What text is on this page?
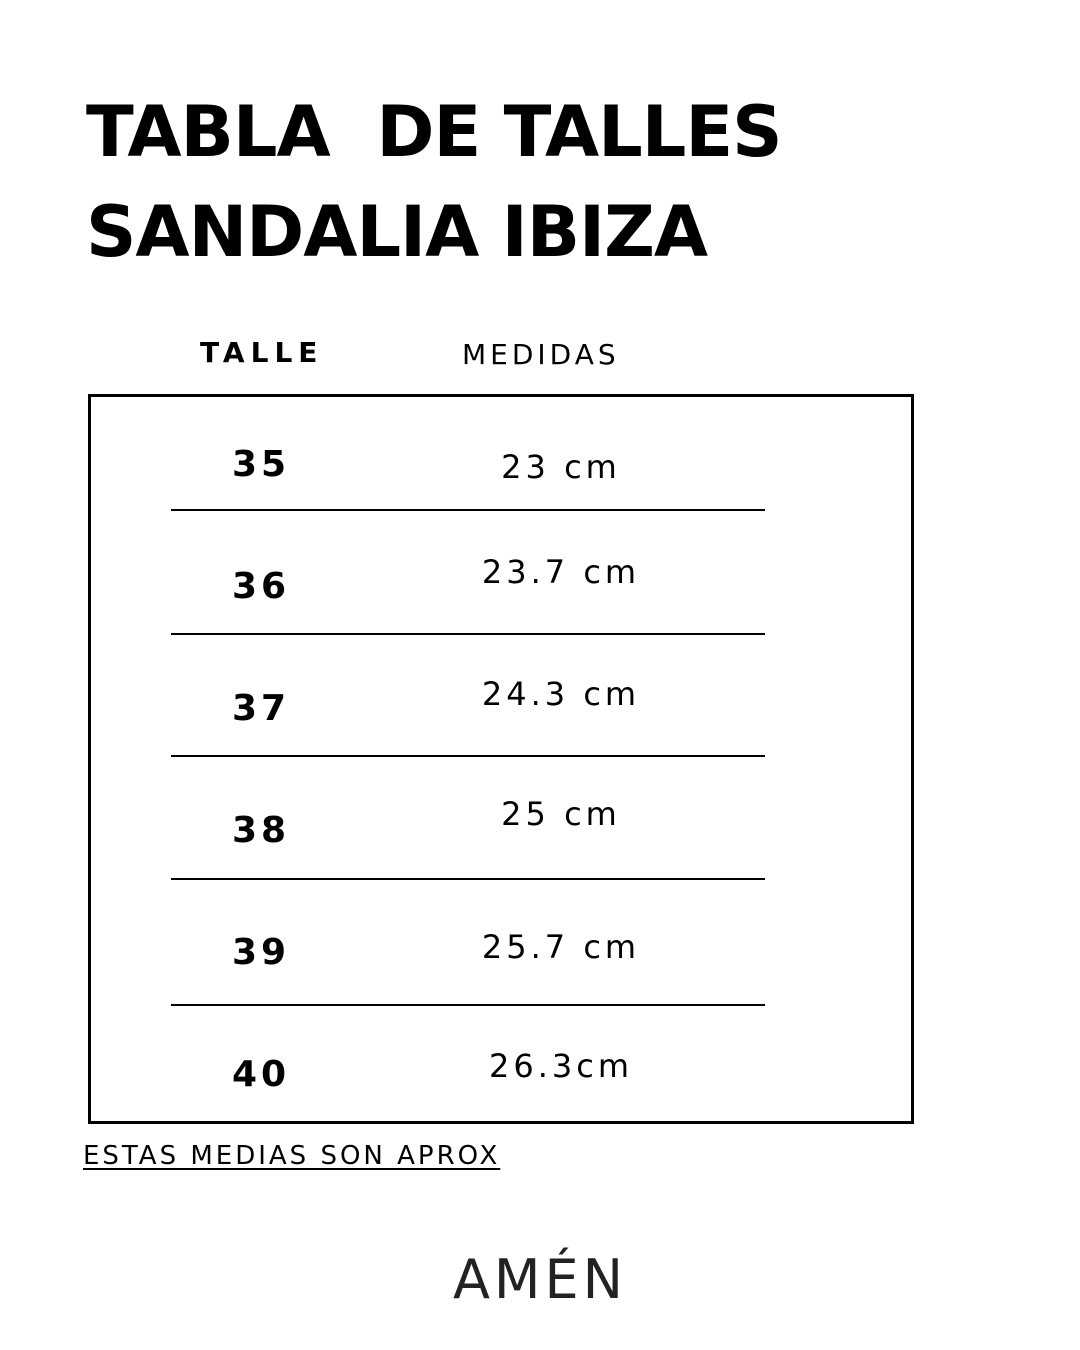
TABLA  DE TALLES
SANDALIA IBIZA
TALLE	MEDIDAS
35	23 cm
36	23.7 cm
37	24.3 cm
38	25 cm
39	25.7 cm
40	26.3cm
ESTAS MEDIAS SON APROX
AMÉN
